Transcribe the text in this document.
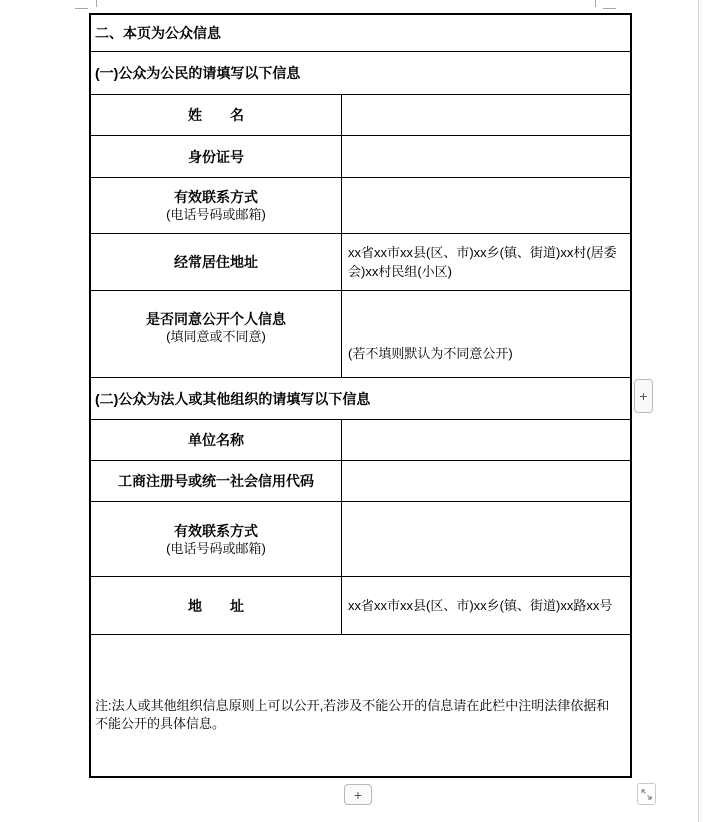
二、本页为公众信息
(一)公众为公民的请填写以下信息
姓　　名
身份证号
有效联系方式
(电话号码或邮箱)
经常居住地址
xx省xx市xx县(区、市)xx乡(镇、街道)xx村(居委会)xx村民组(小区)
是否同意公开个人信息
(填同意或不同意)
(若不填则默认为不同意公开)
(二)公众为法人或其他组织的请填写以下信息
单位名称
工商注册号或统一社会信用代码
有效联系方式
(电话号码或邮箱)
地　　址	xx省xx市xx县(区、市)xx乡(镇、街道)xx路xx号
注:法人或其他组织信息原则上可以公开,若涉及不能公开的信息请在此栏中注明法律依据和不能公开的具体信息。
+
+
